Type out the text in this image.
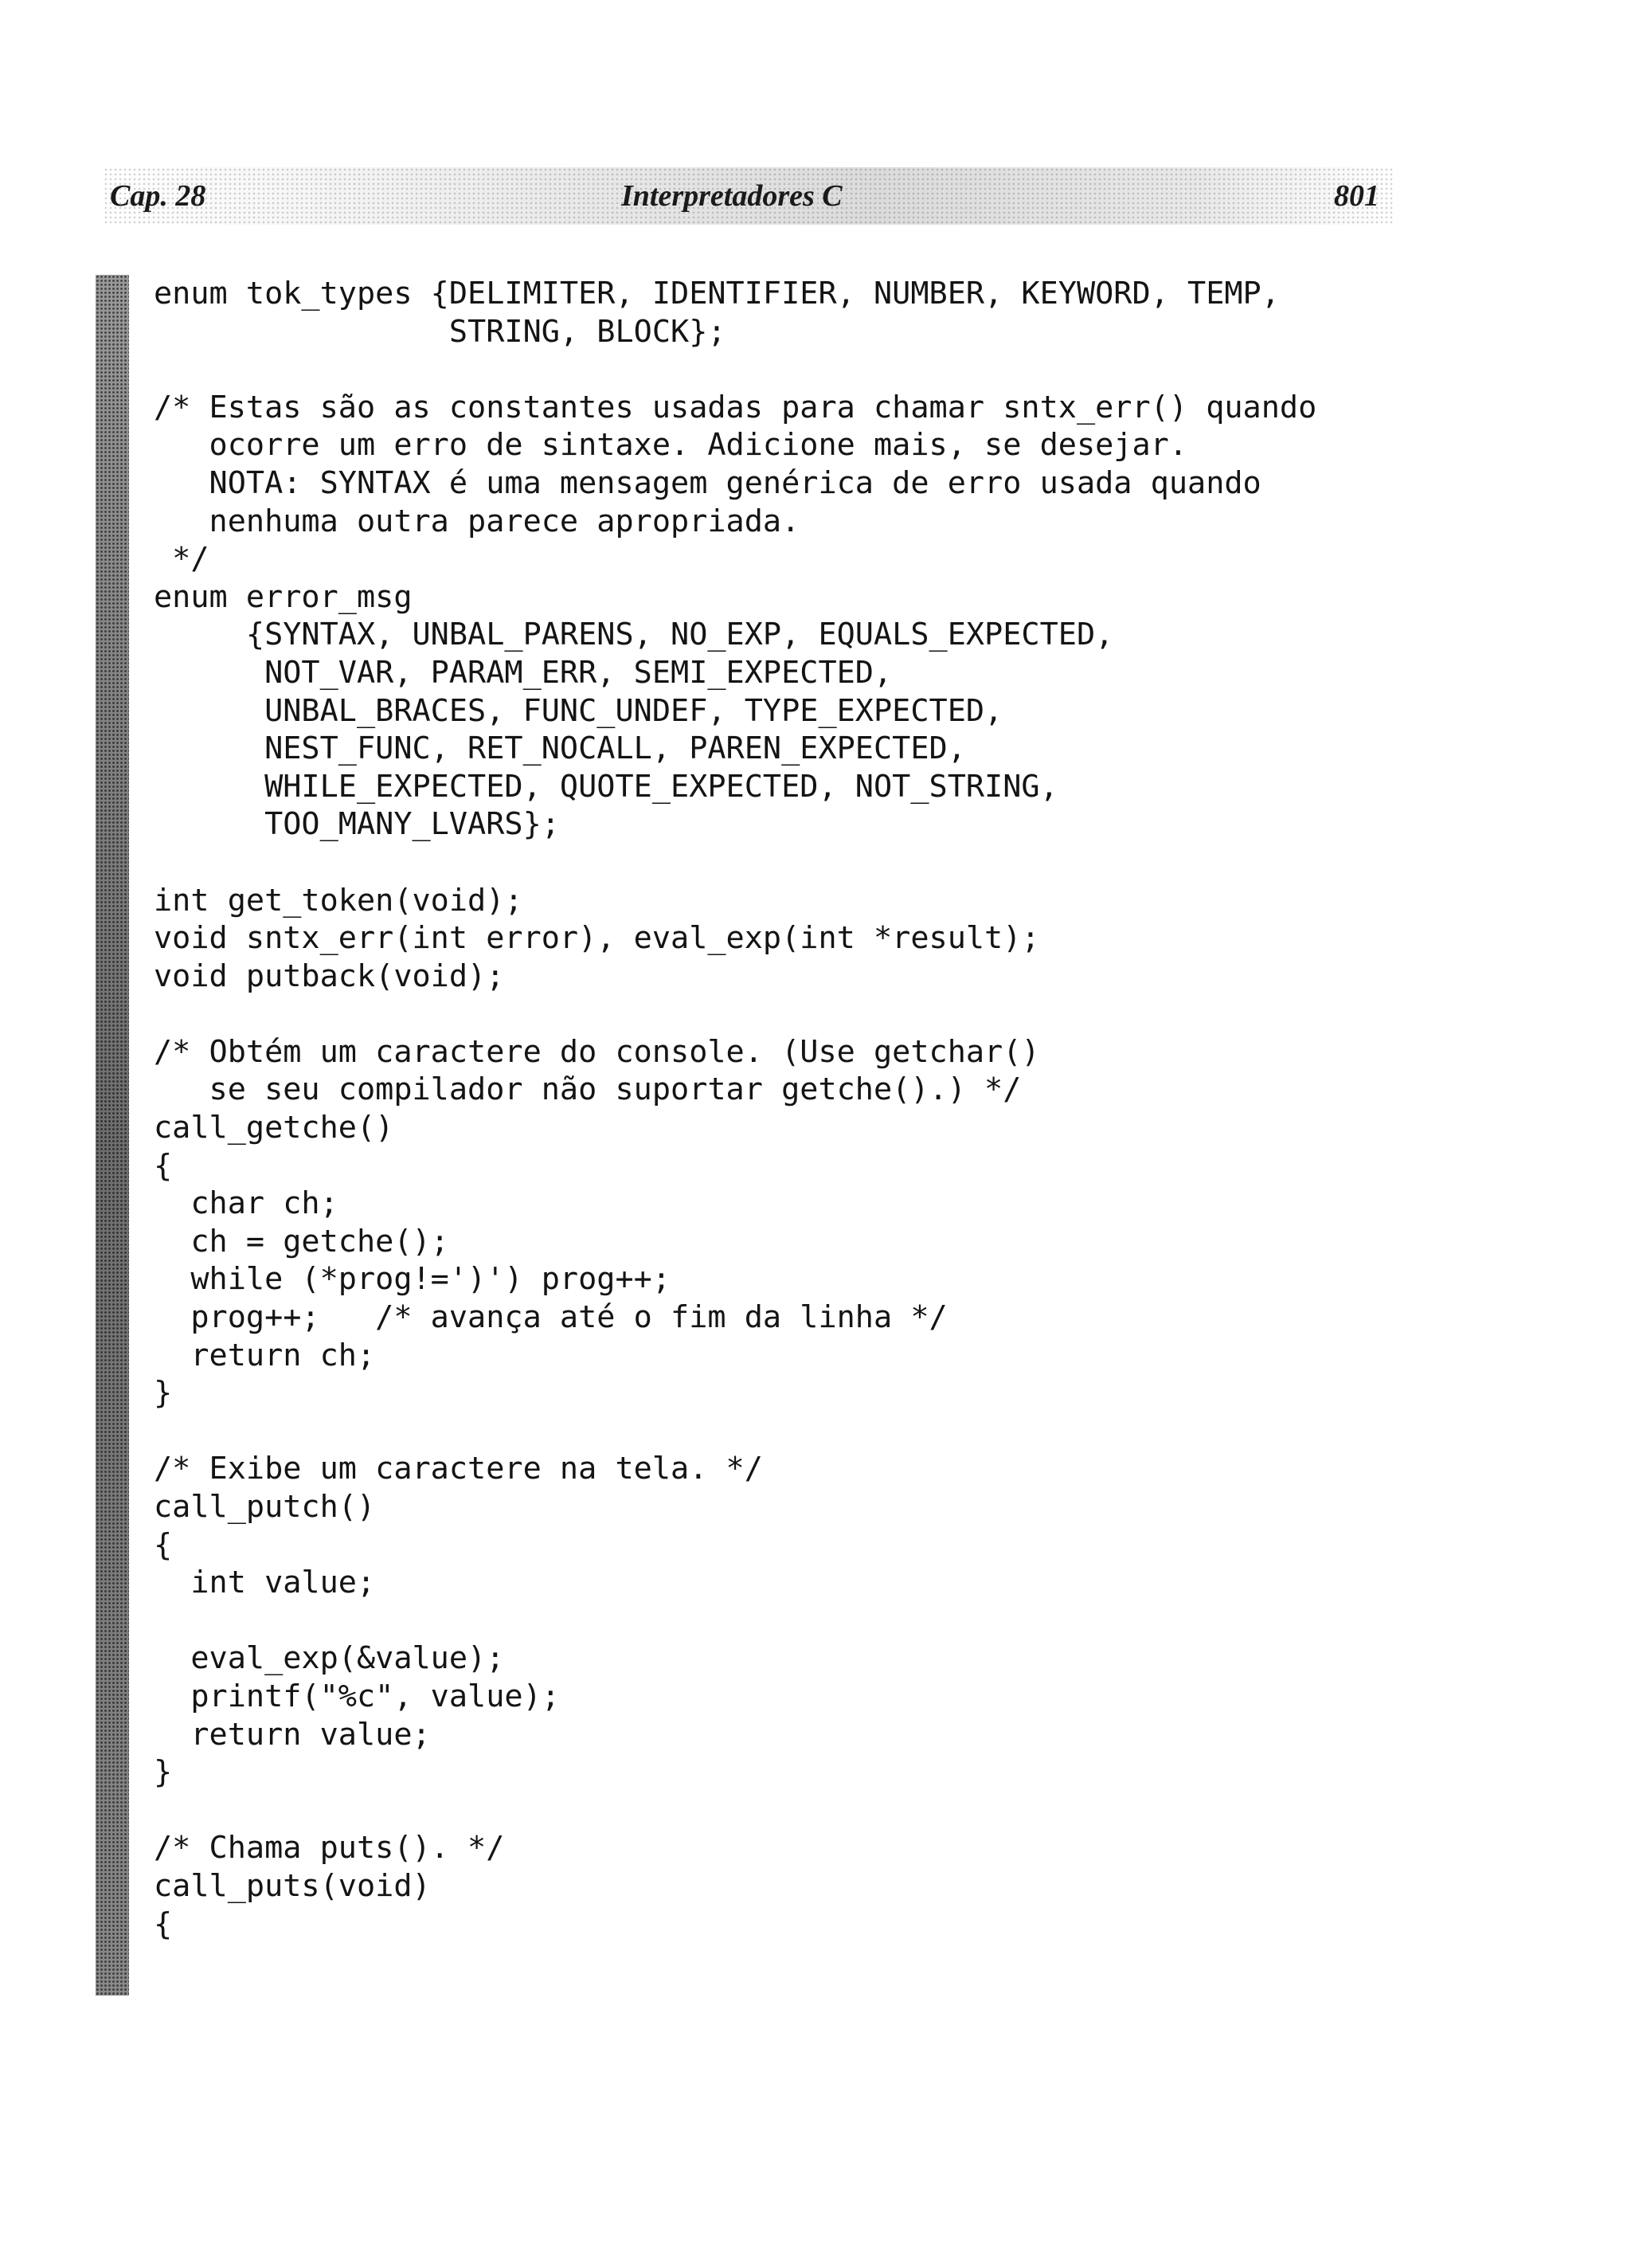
Cap. 28	Interpretadores C	801
enum tok_types {DELIMITER, IDENTIFIER, NUMBER, KEYWORD, TEMP,
STRING, BLOCK};
/* Estas são as constantes usadas para chamar sntx_err() quando
ocorre um erro de sintaxe. Adicione mais, se desejar.
NOTA: SYNTAX é uma mensagem genérica de erro usada quando
nenhuma outra parece apropriada.
*/
enum error_msg
{SYNTAX, UNBAL_PARENS, NO_EXP, EQUALS_EXPECTED,
NOT_VAR, PARAM_ERR, SEMI_EXPECTED,
UNBAL_BRACES, FUNC_UNDEF, TYPE_EXPECTED,
NEST_FUNC, RET_NOCALL, PAREN_EXPECTED,
WHILE_EXPECTED, QUOTE_EXPECTED, NOT_STRING,
TOO_MANY_LVARS};
int get_token(void);
void sntx_err(int error), eval_exp(int *result);
void putback(void);
/* Obtém um caractere do console. (Use getchar()
se seu compilador não suportar getche().) */
call_getche()
{
char ch;
ch = getche();
while (*prog!=')') prog++;
prog++;   /* avança até o fim da linha */
return ch;
}
/* Exibe um caractere na tela. */
call_putch()
{
int value;
eval_exp(&value);
printf("%c", value);
return value;
}
/* Chama puts(). */
call_puts(void)
{
